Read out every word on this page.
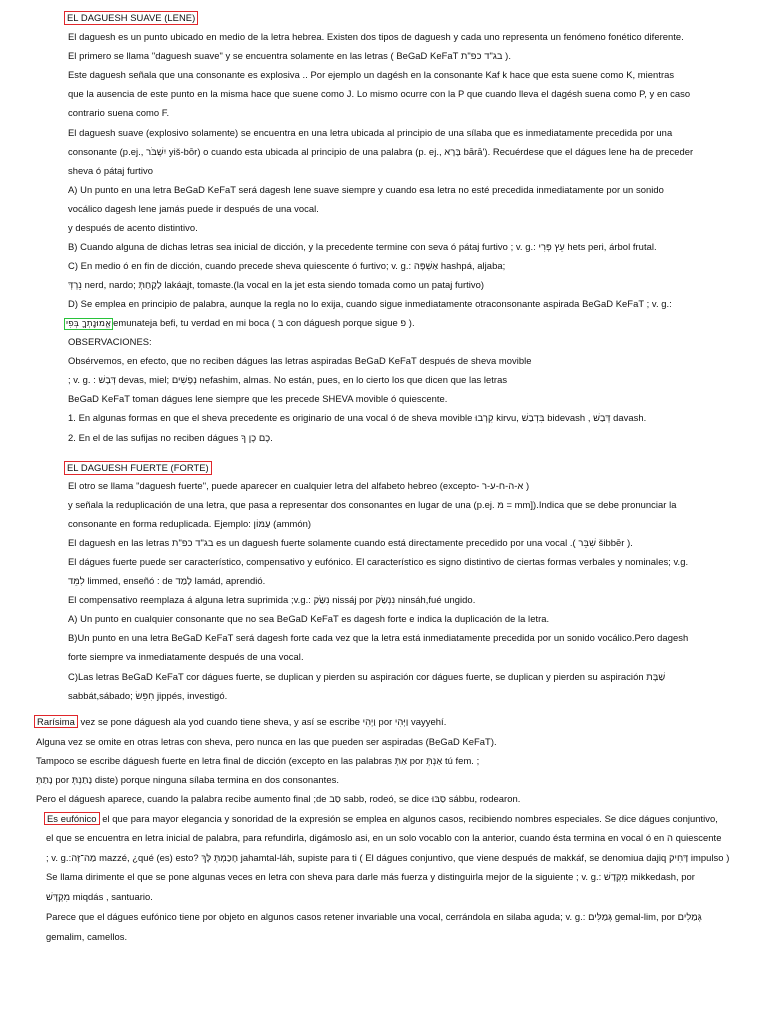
EL DAGUESH SUAVE (LENE)
El daguesh es un punto ubicado en medio de la letra hebrea. Existen dos tipos de daguesh y cada uno representa un fenómeno fonético diferente.
El primero se llama "daguesh suave" y se encuentra solamente en las letras ( BeGaD KeFaT בג"ד כפ"ת ).
Este daguesh señala que una consonante es explosiva .. Por ejemplo un dagésh en la consonante Kaf k hace que esta suene como K, mientras
que la ausencia de este punto en la misma hace que suene como J. Lo mismo ocurre con la P que cuando lleva el dagésh suena como P, y en caso
contrario suena como F.
El daguesh suave (explosivo solamente) se encuentra en una letra ubicada al principio de una sílaba que es inmediatamente precedida por una
consonante (p.ej., יִשְׁבֹּר yiš-bōr) o cuando esta ubicada al principio de una palabra (p. ej., בָּרָא bārā'). Recuérdese que el dágues lene ha de preceder
sheva ó pátaj furtivo
A) Un punto en una letra BeGaD KeFaT será dagesh lene suave siempre y cuando esa letra no esté precedida inmediatamente por un sonido
vocálico dagesh lene jamás puede ir después de una vocal.
y después de acento distintivo.
B) Cuando alguna de dichas letras sea inicial de dicción, y la precedente termine con seva ó pátaj furtivo ; v. g.: עֵץ פְּרִי hets peri, árbol frutal.
C) En medio ó en fin de dicción, cuando precede sheva quiescente ó furtivo; v. g.: אַשְׁפָּה hashpá, aljaba;
נֵרְדְּ nerd, nardo; לָקַחַתְּ lakáajt, tomaste.(la vocal en la jet esta siendo tomada como un pataj furtivo)
D) Se emplea en principio de palabra, aunque la regla no lo exija, cuando sigue inmediatamente otraconsonante aspirada BeGaD KeFaT ; v. g.:
אֱמוּנָתְךָ בְּפִי emunateja befi, tu verdad en mi boca ( בּ con dáguesh porque sigue פ ).
OBSERVACIONES:
Obsérvemos, en efecto, que no reciben dágues las letras aspiradas BeGaD KeFaT después de sheva movible
; v. g. : דְּבָשׁ devas, miel; נְפָשִׁים nefashim, almas. No están, pues, en lo cierto los que dicen que las letras
BeGaD KeFaT toman dágues lene siempre que les precede SHEVA movible ó quiescente.
1. En algunas formas en que el sheva precedente es originario de una vocal ó de sheva movible קִרְבוּ kirvu, בִּדְבַשׁ bidevash , דְּבַשׁ davash.
2. En el de las sufijas no reciben dágues כֶם כֶן ךָ.
EL DAGUESH FUERTE (FORTE)
El otro se llama "daguesh fuerte", puede aparecer en cualquier letra del alfabeto hebreo (excepto- א-ה-ח-ע-ר )
y señala la reduplicación de una letra, que pasa a representar dos consonantes en lugar de una (p.ej. מּ = mm]).Indica que se debe pronunciar la
consonante en forma reduplicada. Ejemplo: עַמּוֹן (ammón)
El daguesh en las letras בג"ד כפ"ת es un daguesh fuerte solamente cuando está directamente precedido por una vocal .( שִׁבֵּר šibbēr ).
El dágues fuerte puede ser característico, compensativo y eufónico. El característico es signo distintivo de ciertas formas verbales y nominales; v.g.
לִמֵּד limmed, enseñó : de לָמַד lamád, aprendió.
El compensativo reemplaza á alguna letra suprimida ;v.g.: נִשַּׂק nissáj por נִנְשַׂק ninsáh,fué ungido.
A) Un punto en cualquier consonante que no sea BeGaD KeFaT es dagesh forte e indica la duplicación de la letra.
B)Un punto en una letra BeGaD KeFaT será dagesh forte cada vez que la letra está inmediatamente precedida por un sonido vocálico.Pero dagesh
forte siempre va inmediatamente después de una vocal.
C)Las letras BeGaD KeFaT cor dágues fuerte, se duplican y pierden su aspiración cor dágues fuerte, se duplican y pierden su aspiración שַׁבָּת
sabbát,sábado; חִפֵּשׂ jippés, investigó.
Rarísima vez se pone dáguesh ala yod cuando tiene sheva, y así se escribe וַיְהִי por וַיְּהִי vayyehí.
Alguna vez se omite en otras letras con sheva, pero nunca en las que pueden ser aspiradas (BeGaD KeFaT).
Tampoco se escribe dáguesh fuerte en letra final de dicción (excepto en las palabras אַתְּ por אַנְתְּ tú fem. ;
נָתַתְּ por נָתַנְתְּ diste) porque ninguna sílaba termina en dos consonantes.
Pero el dáguesh aparece, cuando la palabra recibe aumento final ;de סַב sabb, rodeó, se dice סַבּוּ sábbu, rodearon.
Es eufónico el que para mayor elegancia y sonoridad de la expresión se emplea en algunos casos, recibiendo nombres especiales. Se dice dágues conjuntivo,
el que se encuentra en letra inicial de palabra, para refundirla, digámoslo asi, en un solo vocablo con la anterior, cuando ésta termina en vocal ó en ה quiescente
; v. g.:מַה־זֶּה mazzé, ¿qué (es) esto? חָכַמְתְּ לָּךְ jahamtal-láh, supiste para ti ( El dágues conjuntivo, que viene después de makkáf, se denomiua dajiq דָּחִיק impulso )
Se llama dirimente el que se pone algunas veces en letra con sheva para darle más fuerza y distinguirla mejor de la siguiente ; v. g.: מִקְּדָשׁ mikkedash, por
מִקְדָּשׁ miqdás , santuario.
Parece que el dágues eufónico tiene por objeto en algunos casos retener invariable una vocal, cerrándola en silaba aguda; v. g.: גְּמַלִּים gemal-lim, por גְּמַלִים
gemalim, camellos.
